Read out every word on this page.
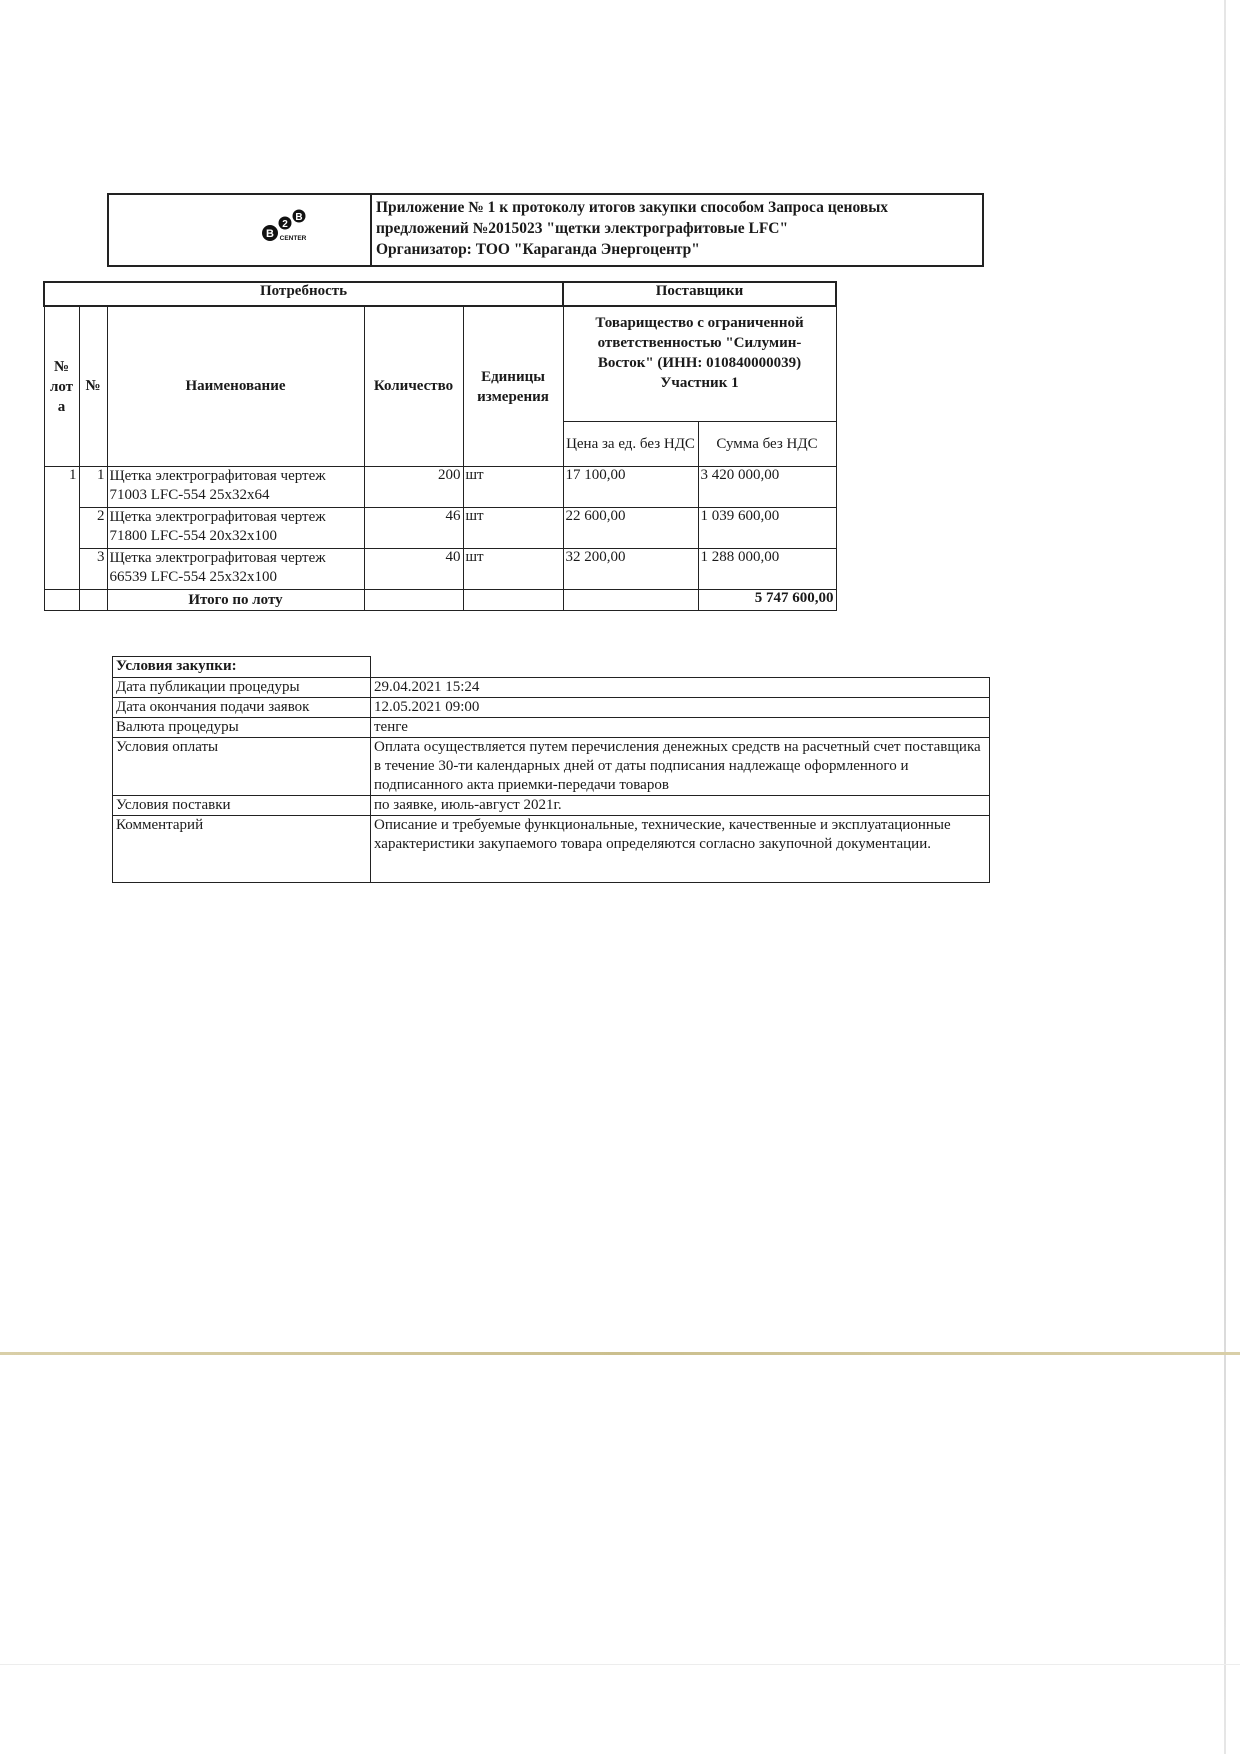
B
2
B
CENTER
Приложение № 1 к протоколу итогов закупки способом Запроса ценовых
предложений №2015023 "щетки электрографитовые LFC"
Организатор: ТОО "Караганда Энергоцентр"
Потребность					Поставщики	
№ лот а	№	Наименование	Количество	Единицы измерения	Товарищество с ограниченной ответственностью "Силумин-Восток" (ИНН: 010840000039) Участник 1	
					Цена за ед. без НДС	Сумма без НДС
1	1	Щетка электрографитовая чертеж 71003 LFC-554 25x32x64	200	шт	17 100,00	3 420 000,00
	2	Щетка электрографитовая чертеж 71800 LFC-554 20x32x100	46	шт	22 600,00	1 039 600,00
	3	Щетка электрографитовая чертеж 66539 LFC-554 25x32x100	40	шт	32 200,00	1 288 000,00
		Итого по лоту				5 747 600,00
Условия закупки:	
Дата публикации процедуры	29.04.2021 15:24
Дата окончания подачи заявок	12.05.2021 09:00
Валюта процедуры	тенге
Условия оплаты	Оплата осуществляется путем перечисления денежных средств на расчетный счет поставщика в течение 30-ти календарных дней от даты подписания надлежаще оформленного и подписанного акта приемки-передачи товаров
Условия поставки	по заявке, июль-август 2021г.
Комментарий	Описание и требуемые функциональные, технические, качественные и эксплуатационные характеристики закупаемого товара определяются согласно закупочной документации.
